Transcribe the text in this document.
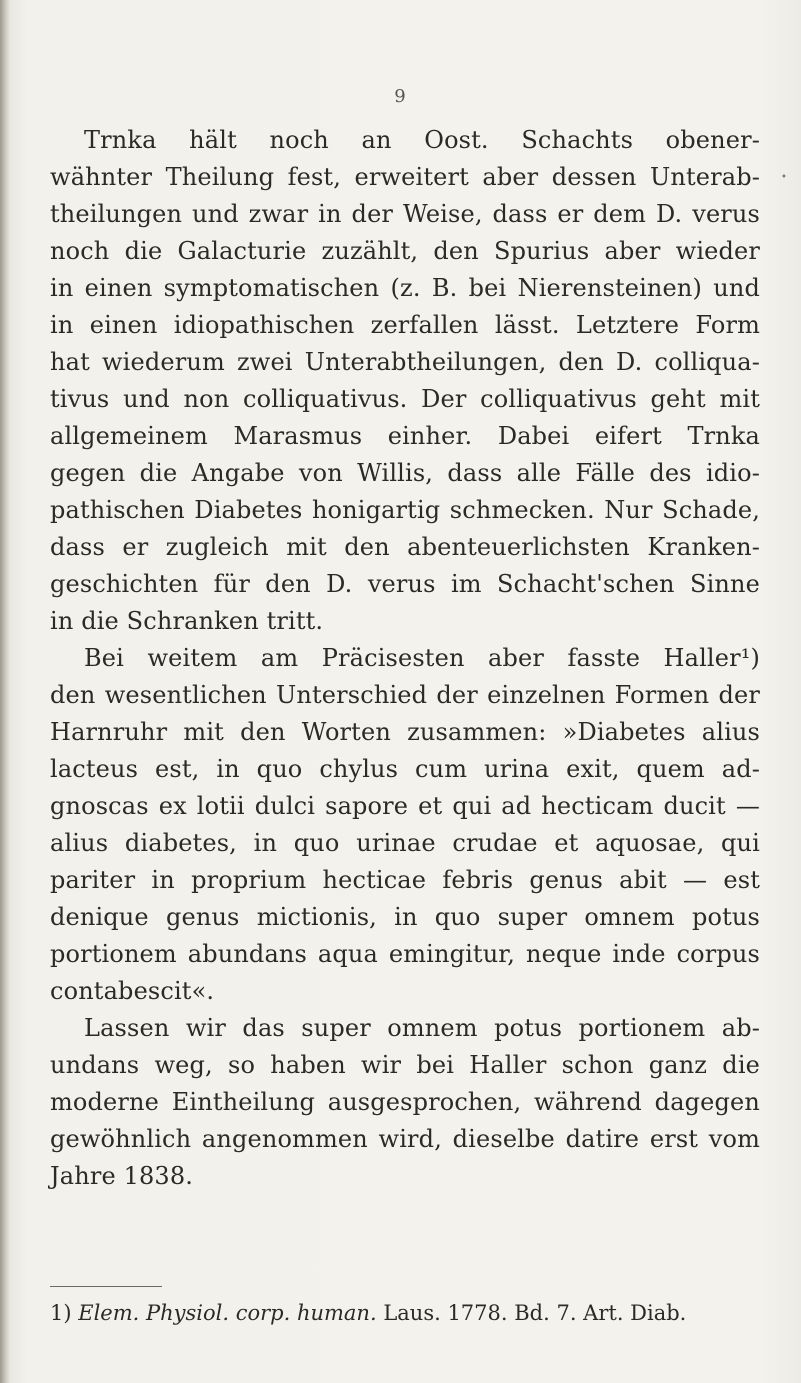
9
•
Trnka hält noch an Oost. Schachts obener-
wähnter Theilung fest, erweitert aber dessen Unterab-
theilungen und zwar in der Weise, dass er dem D. verus
noch die Galacturie zuzählt, den Spurius aber wieder
in einen symptomatischen (z. B. bei Nierensteinen) und
in einen idiopathischen zerfallen lässt. Letztere Form
hat wiederum zwei Unterabtheilungen, den D. colliqua-
tivus und non colliquativus. Der colliquativus geht mit
allgemeinem Marasmus einher. Dabei eifert Trnka
gegen die Angabe von Willis, dass alle Fälle des idio-
pathischen Diabetes honigartig schmecken. Nur Schade,
dass er zugleich mit den abenteuerlichsten Kranken-
geschichten für den D. verus im Schacht'schen Sinne
in die Schranken tritt.
Bei weitem am Präcisesten aber fasste Haller¹)
den wesentlichen Unterschied der einzelnen Formen der
Harnruhr mit den Worten zusammen: »Diabetes alius
lacteus est, in quo chylus cum urina exit, quem ad-
gnoscas ex lotii dulci sapore et qui ad hecticam ducit —
alius diabetes, in quo urinae crudae et aquosae, qui
pariter in proprium hecticae febris genus abit — est
denique genus mictionis, in quo super omnem potus
portionem abundans aqua emingitur, neque inde corpus
contabescit«.
Lassen wir das super omnem potus portionem ab-
undans weg, so haben wir bei Haller schon ganz die
moderne Eintheilung ausgesprochen, während dagegen
gewöhnlich angenommen wird, dieselbe datire erst vom
Jahre 1838.
1) Elem. Physiol. corp. human. Laus. 1778. Bd. 7. Art. Diab.
